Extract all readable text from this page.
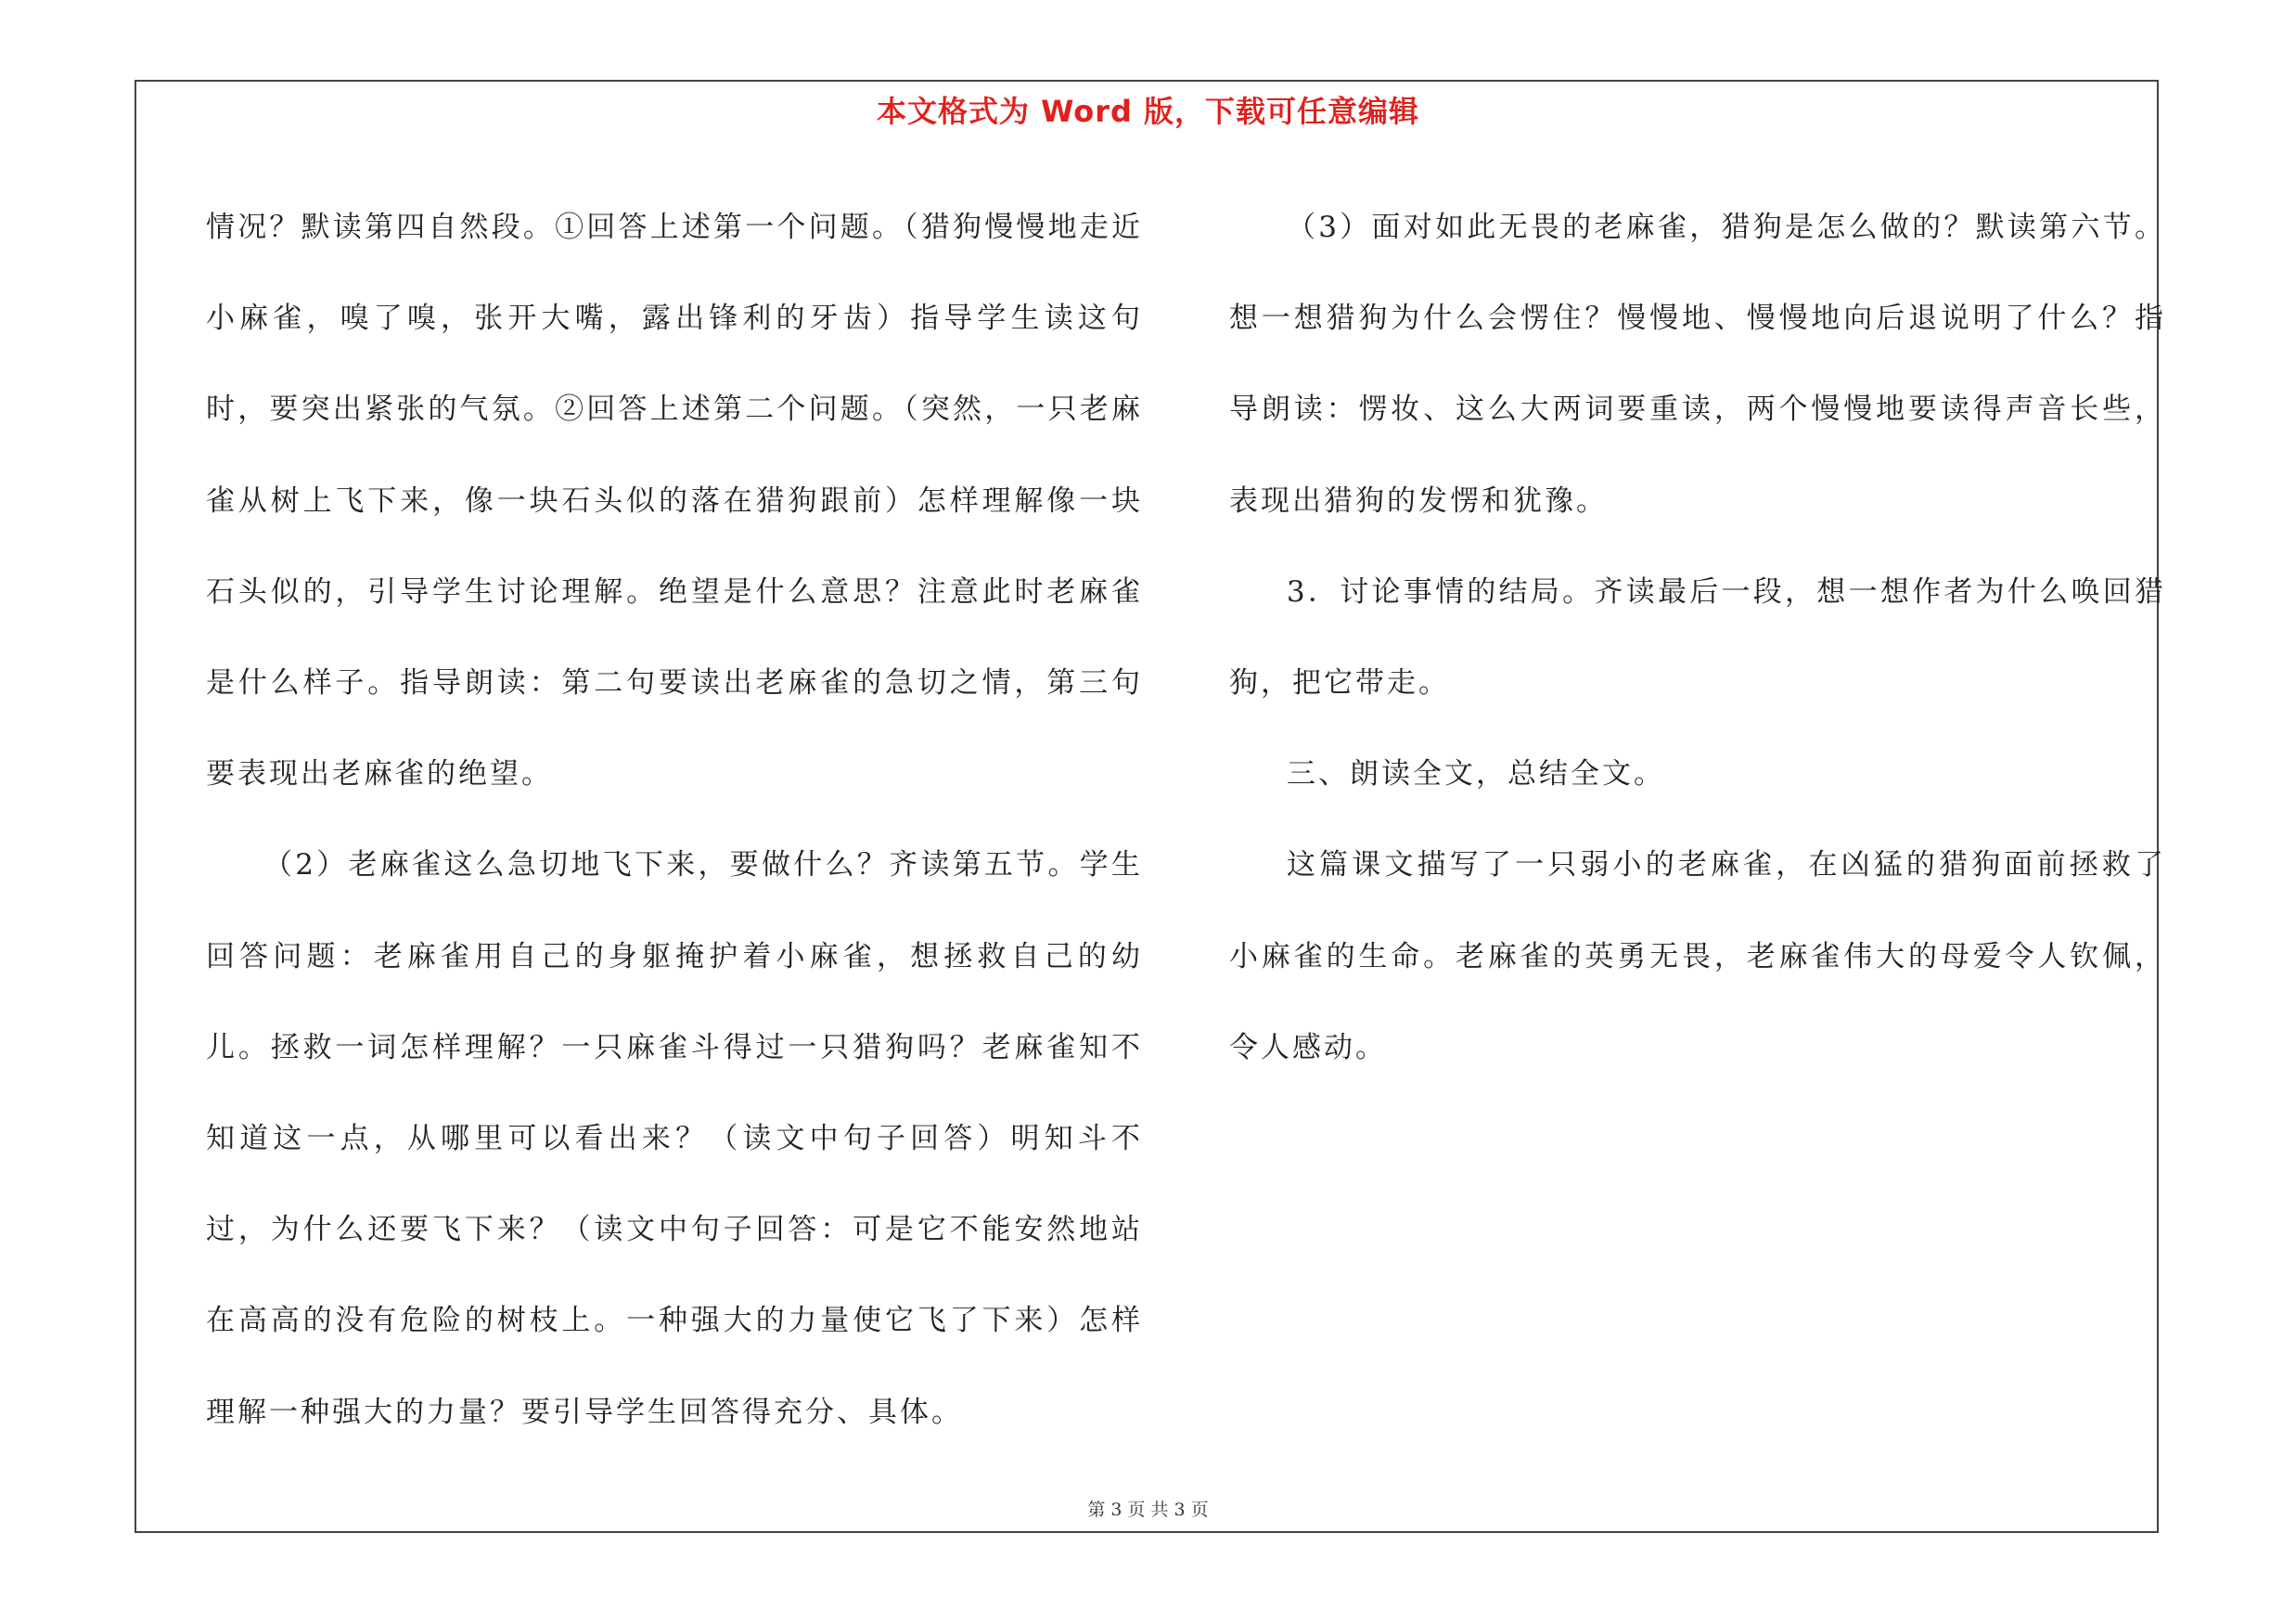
本文格式为 Word 版，下载可任意编辑

情况？默读第四自然段。①回答上述第一个问题。（猎狗慢慢地走近小麻雀，嗅了嗅，张开大嘴，露出锋利的牙齿）指导学生读这句时，要突出紧张的气氛。②回答上述第二个问题。（突然，一只老麻雀从树上飞下来，像一块石头似的落在猎狗跟前）怎样理解像一块石头似的，引导学生讨论理解。绝望是什么意思？注意此时老麻雀是什么样子。指导朗读：第二句要读出老麻雀的急切之情，第三句要表现出老麻雀的绝望。

（2）老麻雀这么急切地飞下来，要做什么？齐读第五节。学生回答问题：老麻雀用自己的身躯掩护着小麻雀，想拯救自己的幼儿。拯救一词怎样理解？一只麻雀斗得过一只猎狗吗？老麻雀知不知道这一点，从哪里可以看出来？（读文中句子回答）明知斗不过，为什么还要飞下来？（读文中句子回答：可是它不能安然地站在高高的没有危险的树枝上。一种强大的力量使它飞了下来）怎样理解一种强大的力量？要引导学生回答得充分、具体。

（3）面对如此无畏的老麻雀，猎狗是怎么做的？默读第六节。想一想猎狗为什么会愣住？慢慢地、慢慢地向后退说明了什么？指导朗读：愣妆、这么大两词要重读，两个慢慢地要读得声音长些，表现出猎狗的发愣和犹豫。

3．讨论事情的结局。齐读最后一段，想一想作者为什么唤回猎狗，把它带走。

三、朗读全文，总结全文。

这篇课文描写了一只弱小的老麻雀，在凶猛的猎狗面前拯救了小麻雀的生命。老麻雀的英勇无畏，老麻雀伟大的母爱令人钦佩，令人感动。

第 3 页 共 3 页
